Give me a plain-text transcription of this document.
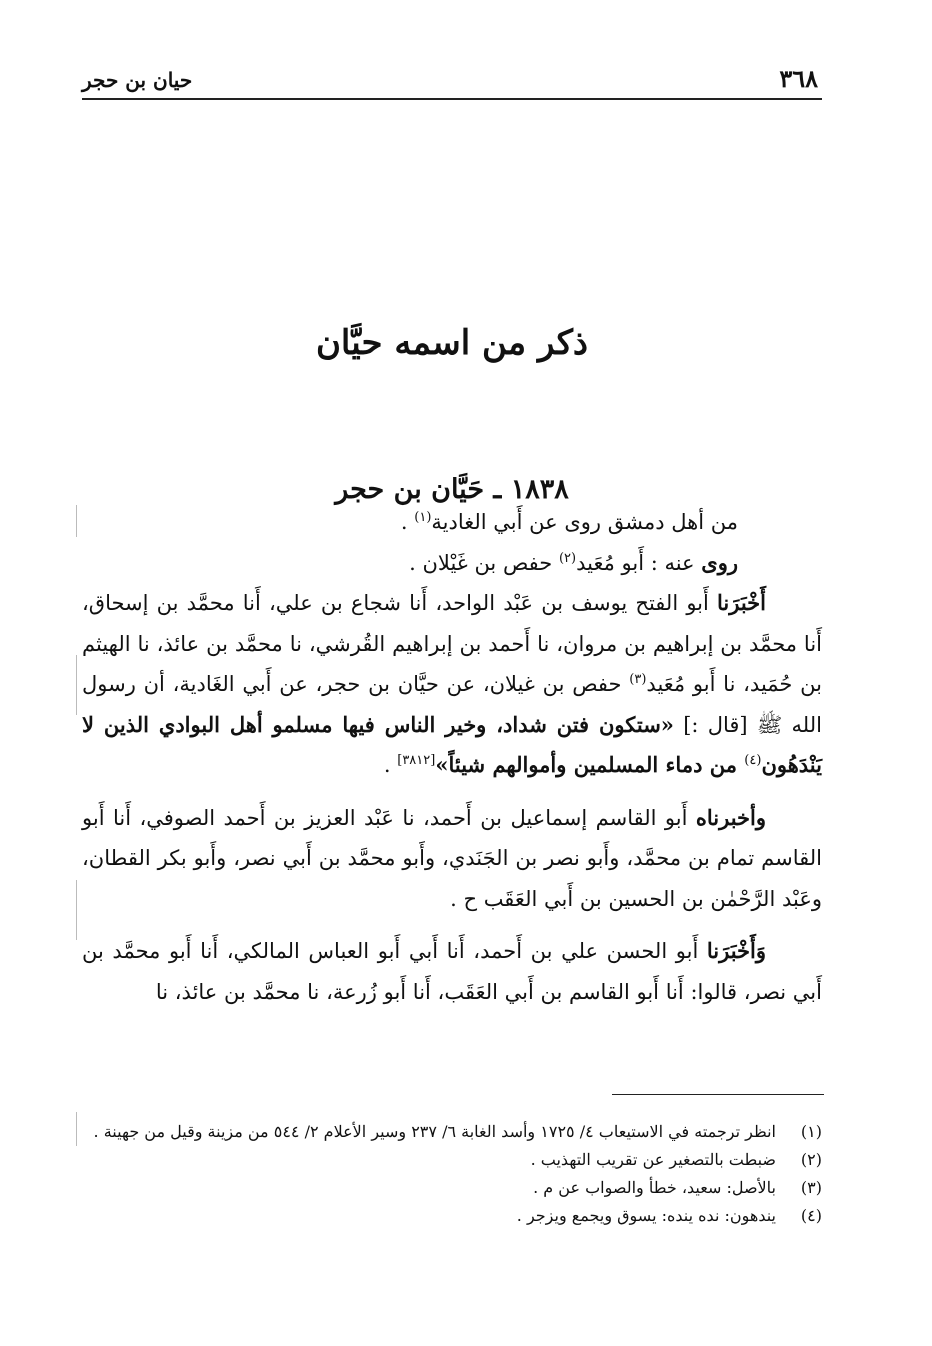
٣٦٨
حيان بن حجر
ذكر من اسمه حيَّان
١٨٣٨ ـ حَيَّان بن حجر

من أهل دمشق روى عن أَبي الغادية$^{(١)}$ .

روى عنه : أَبو مُعَيد$^{(٢)}$ حفص بن غَيْلان .

أَخْبَرَنا أَبو الفتح يوسف بن عَبْد الواحد، أَنا شجاع بن علي، أَنا محمَّد بن إسحاق، أَنا محمَّد بن إبراهيم بن مروان، نا أَحمد بن إبراهيم القُرشي، نا محمَّد بن عائذ، نا الهيثم بن حُمَيد، نا أَبو مُعَيد$^{(٣)}$ حفص بن غيلان، عن حيَّان بن حجر، عن أَبي الغَادية، أن رسول الله ﷺ [قال :] «ستكون فتن شداد، وخير الناس فيها مسلمو أهل البوادي الذين لا يَنْدَهُون$^{(٤)}$ من دماء المسلمين وأموالهم شيئاً»[٣٨١٢] .

وأخبرناه أَبو القاسم إسماعيل بن أَحمد، نا عَبْد العزيز بن أَحمد الصوفي، أَنا أَبو القاسم تمام بن محمَّد، وأَبو نصر بن الجَنَدي، وأَبو محمَّد بن أَبي نصر، وأَبو بكر القطان، وعَبْد الرَّحْمٰن بن الحسين بن أَبي العَقَب ح .

وَأَخْبَرَنا أَبو الحسن علي بن أَحمد، أَنا أَبي أَبو العباس المالكي، أَنا أَبو محمَّد بن أَبي نصر، قالوا: أَنا أَبو القاسم بن أَبي العَقَب، أَنا أَبو زُرعة، نا محمَّد بن عائذ، نا

(١)
انظر ترجمته في الاستيعاب ٤/ ١٧٢٥ وأسد الغابة ٦/ ٢٣٧ وسير الأعلام ٢/ ٥٤٤ من مزينة وقيل من جهينة .
(٢)
ضبطت بالتصغير عن تقريب التهذيب .
(٣)
بالأصل: سعيد، خطأ والصواب عن م .
(٤)
يندهون: نده ينده: يسوق ويجمع ويزجر .
